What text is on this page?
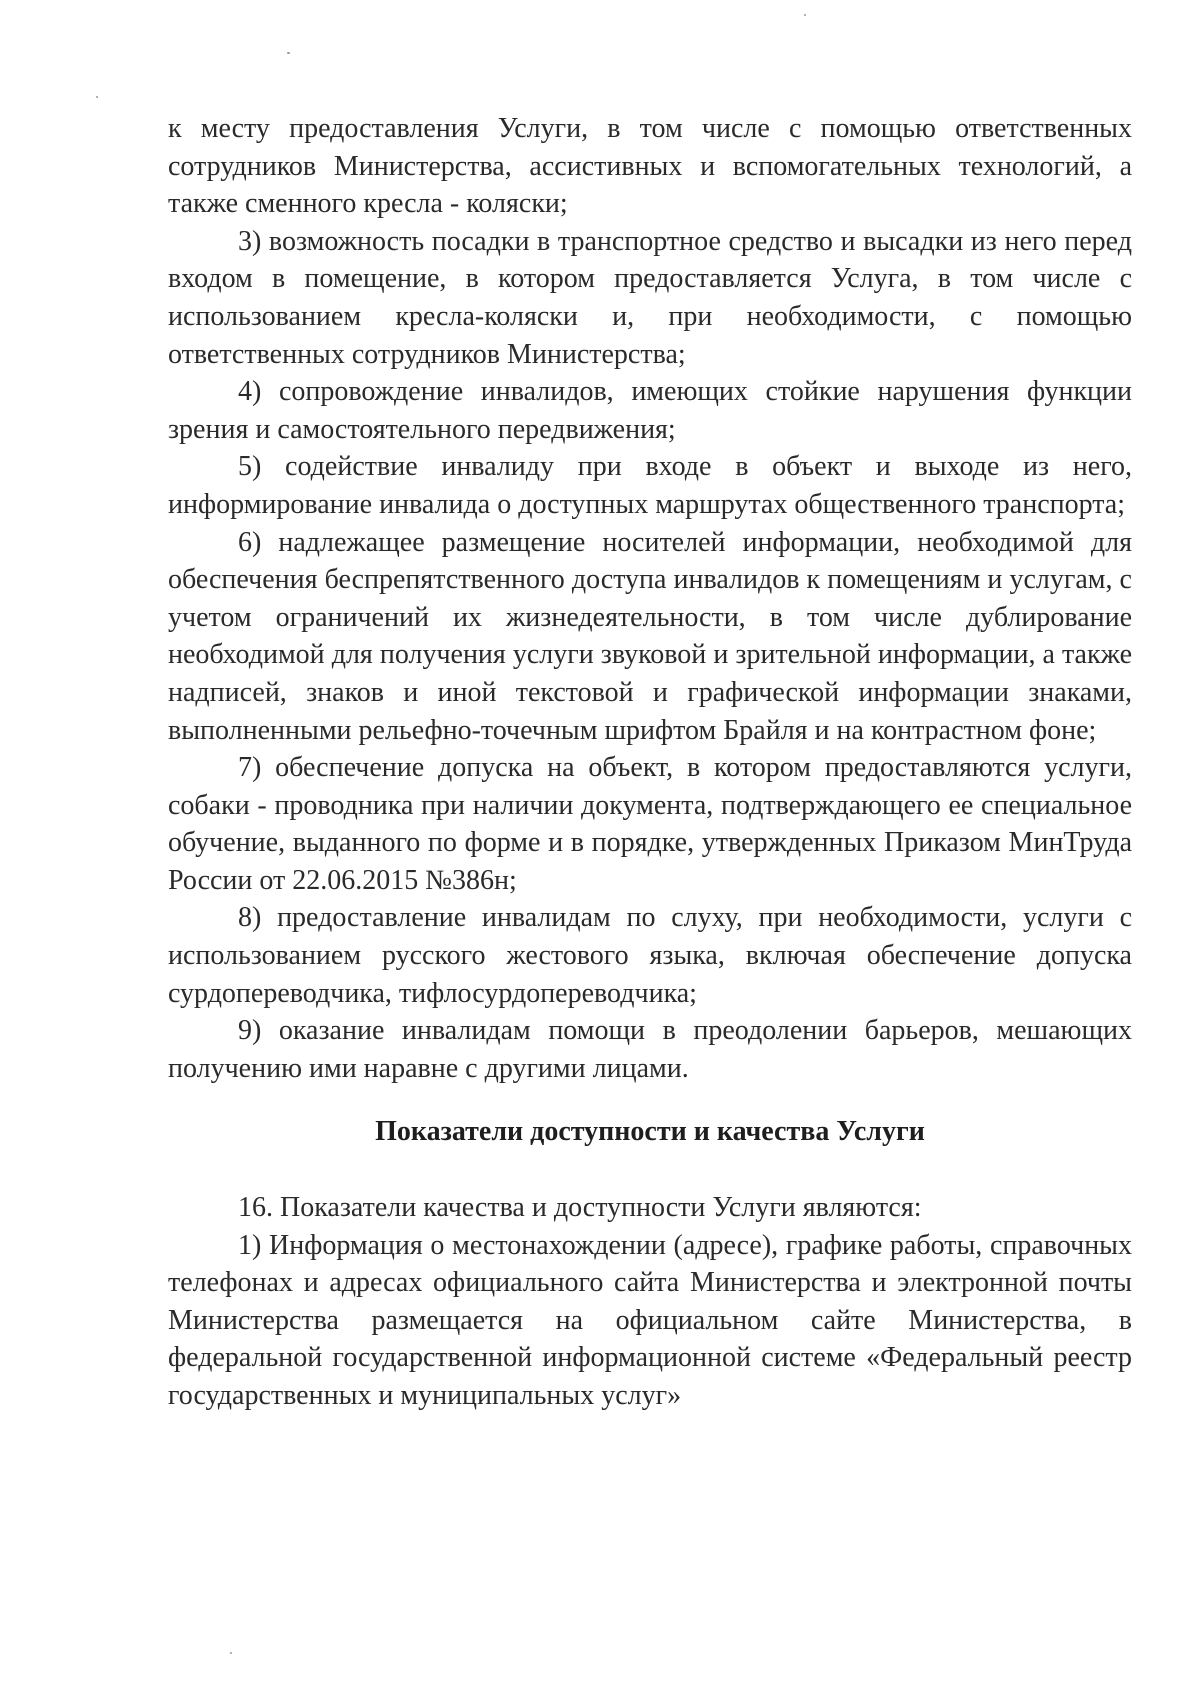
к месту предоставления Услуги, в том числе с помощью ответственных сотрудников Министерства, ассистивных и вспомогательных технологий, а также сменного кресла - коляски;

3) возможность посадки в транспортное средство и высадки из него перед входом в помещение, в котором предоставляется Услуга, в том числе с использованием кресла-коляски и, при необходимости, с помощью ответственных сотрудников Министерства;

4) сопровождение инвалидов, имеющих стойкие нарушения функции зрения и самостоятельного передвижения;

5) содействие инвалиду при входе в объект и выходе из него, информирование инвалида о доступных маршрутах общественного транспорта;

6) надлежащее размещение носителей информации, необходимой для обеспечения беспрепятственного доступа инвалидов к помещениям и услугам, с учетом ограничений их жизнедеятельности, в том числе дублирование необходимой для получения услуги звуковой и зрительной информации, а также надписей, знаков и иной текстовой и графической информации знаками, выполненными рельефно-точечным шрифтом Брайля и на контрастном фоне;

7) обеспечение допуска на объект, в котором предоставляются услуги, собаки - проводника при наличии документа, подтверждающего ее специальное обучение, выданного по форме и в порядке, утвержденных Приказом МинТруда России от 22.06.2015 №386н;

8) предоставление инвалидам по слуху, при необходимости, услуги с использованием русского жестового языка, включая обеспечение допуска сурдопереводчика, тифлосурдопереводчика;

9) оказание инвалидам помощи в преодолении барьеров, мешающих получению ими наравне с другими лицами.

Показатели доступности и качества Услуги

16. Показатели качества и доступности Услуги являются:

1) Информация о местонахождении (адресе), графике работы, справочных телефонах и адресах официального сайта Министерства и электронной почты Министерства размещается на официальном сайте Министерства, в федеральной государственной информационной системе «Федеральный реестр государственных и муниципальных услуг»
